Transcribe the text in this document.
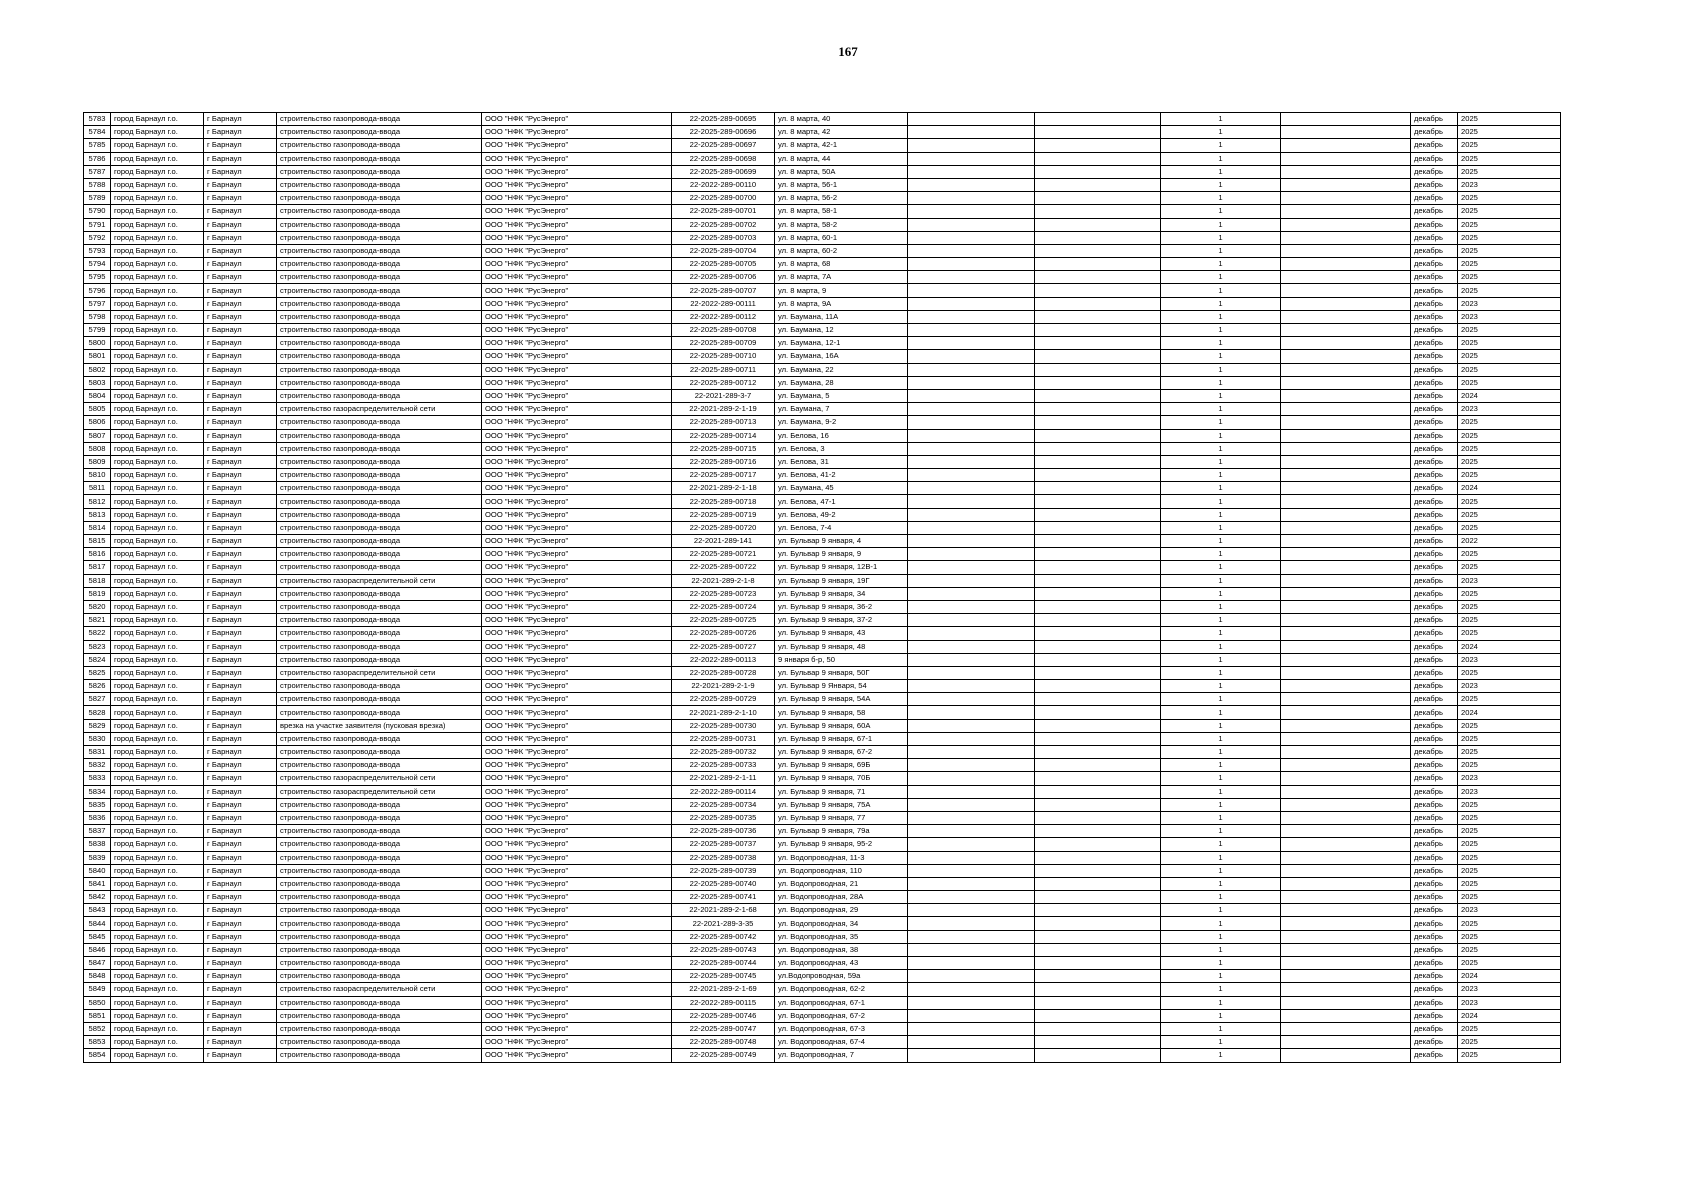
167
5783	город Барнаул г.о.	г Барнаул	строительство газопровода-ввода	ООО "НФК "РусЭнерго"	22-2025-289-00695	ул. 8 марта, 40			1		декабрь	2025
5784	город Барнаул г.о.	г Барнаул	строительство газопровода-ввода	ООО "НФК "РусЭнерго"	22-2025-289-00696	ул. 8 марта, 42			1		декабрь	2025
5785	город Барнаул г.о.	г Барнаул	строительство газопровода-ввода	ООО "НФК "РусЭнерго"	22-2025-289-00697	ул. 8 марта, 42-1			1		декабрь	2025
5786	город Барнаул г.о.	г Барнаул	строительство газопровода-ввода	ООО "НФК "РусЭнерго"	22-2025-289-00698	ул. 8 марта, 44			1		декабрь	2025
5787	город Барнаул г.о.	г Барнаул	строительство газопровода-ввода	ООО "НФК "РусЭнерго"	22-2025-289-00699	ул. 8 марта, 50А			1		декабрь	2025
5788	город Барнаул г.о.	г Барнаул	строительство газопровода-ввода	ООО "НФК "РусЭнерго"	22-2022-289-00110	ул. 8 марта, 56-1			1		декабрь	2023
5789	город Барнаул г.о.	г Барнаул	строительство газопровода-ввода	ООО "НФК "РусЭнерго"	22-2025-289-00700	ул. 8 марта, 56-2			1		декабрь	2025
5790	город Барнаул г.о.	г Барнаул	строительство газопровода-ввода	ООО "НФК "РусЭнерго"	22-2025-289-00701	ул. 8 марта, 58-1			1		декабрь	2025
5791	город Барнаул г.о.	г Барнаул	строительство газопровода-ввода	ООО "НФК "РусЭнерго"	22-2025-289-00702	ул. 8 марта, 58-2			1		декабрь	2025
5792	город Барнаул г.о.	г Барнаул	строительство газопровода-ввода	ООО "НФК "РусЭнерго"	22-2025-289-00703	ул. 8 марта, 60-1			1		декабрь	2025
5793	город Барнаул г.о.	г Барнаул	строительство газопровода-ввода	ООО "НФК "РусЭнерго"	22-2025-289-00704	ул. 8 марта, 60-2			1		декабрь	2025
5794	город Барнаул г.о.	г Барнаул	строительство газопровода-ввода	ООО "НФК "РусЭнерго"	22-2025-289-00705	ул. 8 марта, 68			1		декабрь	2025
5795	город Барнаул г.о.	г Барнаул	строительство газопровода-ввода	ООО "НФК "РусЭнерго"	22-2025-289-00706	ул. 8 марта, 7А			1		декабрь	2025
5796	город Барнаул г.о.	г Барнаул	строительство газопровода-ввода	ООО "НФК "РусЭнерго"	22-2025-289-00707	ул. 8 марта, 9			1		декабрь	2025
5797	город Барнаул г.о.	г Барнаул	строительство газопровода-ввода	ООО "НФК "РусЭнерго"	22-2022-289-00111	ул. 8 марта, 9А			1		декабрь	2023
5798	город Барнаул г.о.	г Барнаул	строительство газопровода-ввода	ООО "НФК "РусЭнерго"	22-2022-289-00112	ул. Баумана, 11А			1		декабрь	2023
5799	город Барнаул г.о.	г Барнаул	строительство газопровода-ввода	ООО "НФК "РусЭнерго"	22-2025-289-00708	ул. Баумана, 12			1		декабрь	2025
5800	город Барнаул г.о.	г Барнаул	строительство газопровода-ввода	ООО "НФК "РусЭнерго"	22-2025-289-00709	ул. Баумана, 12-1			1		декабрь	2025
5801	город Барнаул г.о.	г Барнаул	строительство газопровода-ввода	ООО "НФК "РусЭнерго"	22-2025-289-00710	ул. Баумана, 16А			1		декабрь	2025
5802	город Барнаул г.о.	г Барнаул	строительство газопровода-ввода	ООО "НФК "РусЭнерго"	22-2025-289-00711	ул. Баумана, 22			1		декабрь	2025
5803	город Барнаул г.о.	г Барнаул	строительство газопровода-ввода	ООО "НФК "РусЭнерго"	22-2025-289-00712	ул. Баумана, 28			1		декабрь	2025
5804	город Барнаул г.о.	г Барнаул	строительство газопровода-ввода	ООО "НФК "РусЭнерго"	22-2021-289-3-7	ул. Баумана, 5			1		декабрь	2024
5805	город Барнаул г.о.	г Барнаул	строительство газораспределительной сети	ООО "НФК "РусЭнерго"	22-2021-289-2-1-19	ул. Баумана, 7			1		декабрь	2023
5806	город Барнаул г.о.	г Барнаул	строительство газопровода-ввода	ООО "НФК "РусЭнерго"	22-2025-289-00713	ул. Баумана, 9-2			1		декабрь	2025
5807	город Барнаул г.о.	г Барнаул	строительство газопровода-ввода	ООО "НФК "РусЭнерго"	22-2025-289-00714	ул. Белова, 16			1		декабрь	2025
5808	город Барнаул г.о.	г Барнаул	строительство газопровода-ввода	ООО "НФК "РусЭнерго"	22-2025-289-00715	ул. Белова, 3			1		декабрь	2025
5809	город Барнаул г.о.	г Барнаул	строительство газопровода-ввода	ООО "НФК "РусЭнерго"	22-2025-289-00716	ул. Белова, 31			1		декабрь	2025
5810	город Барнаул г.о.	г Барнаул	строительство газопровода-ввода	ООО "НФК "РусЭнерго"	22-2025-289-00717	ул. Белова, 41-2			1		декабрь	2025
5811	город Барнаул г.о.	г Барнаул	строительство газопровода-ввода	ООО "НФК "РусЭнерго"	22-2021-289-2-1-18	ул. Баумана, 45			1		декабрь	2024
5812	город Барнаул г.о.	г Барнаул	строительство газопровода-ввода	ООО "НФК "РусЭнерго"	22-2025-289-00718	ул. Белова, 47-1			1		декабрь	2025
5813	город Барнаул г.о.	г Барнаул	строительство газопровода-ввода	ООО "НФК "РусЭнерго"	22-2025-289-00719	ул. Белова, 49-2			1		декабрь	2025
5814	город Барнаул г.о.	г Барнаул	строительство газопровода-ввода	ООО "НФК "РусЭнерго"	22-2025-289-00720	ул. Белова, 7-4			1		декабрь	2025
5815	город Барнаул г.о.	г Барнаул	строительство газопровода-ввода	ООО "НФК "РусЭнерго"	22-2021-289-141	ул. Бульвар 9 января, 4			1		декабрь	2022
5816	город Барнаул г.о.	г Барнаул	строительство газопровода-ввода	ООО "НФК "РусЭнерго"	22-2025-289-00721	ул. Бульвар 9 января, 9			1		декабрь	2025
5817	город Барнаул г.о.	г Барнаул	строительство газопровода-ввода	ООО "НФК "РусЭнерго"	22-2025-289-00722	ул. Бульвар 9 января, 12В-1			1		декабрь	2025
5818	город Барнаул г.о.	г Барнаул	строительство газораспределительной сети	ООО "НФК "РусЭнерго"	22-2021-289-2-1-8	ул. Бульвар 9 января, 19Г			1		декабрь	2023
5819	город Барнаул г.о.	г Барнаул	строительство газопровода-ввода	ООО "НФК "РусЭнерго"	22-2025-289-00723	ул. Бульвар 9 января, 34			1		декабрь	2025
5820	город Барнаул г.о.	г Барнаул	строительство газопровода-ввода	ООО "НФК "РусЭнерго"	22-2025-289-00724	ул. Бульвар 9 января, 36-2			1		декабрь	2025
5821	город Барнаул г.о.	г Барнаул	строительство газопровода-ввода	ООО "НФК "РусЭнерго"	22-2025-289-00725	ул. Бульвар 9 января, 37-2			1		декабрь	2025
5822	город Барнаул г.о.	г Барнаул	строительство газопровода-ввода	ООО "НФК "РусЭнерго"	22-2025-289-00726	ул. Бульвар 9 января, 43			1		декабрь	2025
5823	город Барнаул г.о.	г Барнаул	строительство газопровода-ввода	ООО "НФК "РусЭнерго"	22-2025-289-00727	ул. Бульвар 9 января, 48			1		декабрь	2024
5824	город Барнаул г.о.	г Барнаул	строительство газопровода-ввода	ООО "НФК "РусЭнерго"	22-2022-289-00113	9 января б-р, 50			1		декабрь	2023
5825	город Барнаул г.о.	г Барнаул	строительство газораспределительной сети	ООО "НФК "РусЭнерго"	22-2025-289-00728	ул. Бульвар 9 января, 50Г			1		декабрь	2025
5826	город Барнаул г.о.	г Барнаул	строительство газопровода-ввода	ООО "НФК "РусЭнерго"	22-2021-289-2-1-9	ул. Бульвар 9 Января, 54			1		декабрь	2023
5827	город Барнаул г.о.	г Барнаул	строительство газопровода-ввода	ООО "НФК "РусЭнерго"	22-2025-289-00729	ул. Бульвар 9 января, 54А			1		декабрь	2025
5828	город Барнаул г.о.	г Барнаул	строительство газопровода-ввода	ООО "НФК "РусЭнерго"	22-2021-289-2-1-10	ул. Бульвар 9 января, 58			1		декабрь	2024
5829	город Барнаул г.о.	г Барнаул	врезка на участке заявителя (пусковая врезка)	ООО "НФК "РусЭнерго"	22-2025-289-00730	ул. Бульвар 9 января, 60А			1		декабрь	2025
5830	город Барнаул г.о.	г Барнаул	строительство газопровода-ввода	ООО "НФК "РусЭнерго"	22-2025-289-00731	ул. Бульвар 9 января, 67-1			1		декабрь	2025
5831	город Барнаул г.о.	г Барнаул	строительство газопровода-ввода	ООО "НФК "РусЭнерго"	22-2025-289-00732	ул. Бульвар 9 января, 67-2			1		декабрь	2025
5832	город Барнаул г.о.	г Барнаул	строительство газопровода-ввода	ООО "НФК "РусЭнерго"	22-2025-289-00733	ул. Бульвар 9 января, 69Б			1		декабрь	2025
5833	город Барнаул г.о.	г Барнаул	строительство газораспределительной сети	ООО "НФК "РусЭнерго"	22-2021-289-2-1-11	ул. Бульвар 9 января, 70Б			1		декабрь	2023
5834	город Барнаул г.о.	г Барнаул	строительство газораспределительной сети	ООО "НФК "РусЭнерго"	22-2022-289-00114	ул. Бульвар 9 января, 71			1		декабрь	2023
5835	город Барнаул г.о.	г Барнаул	строительство газопровода-ввода	ООО "НФК "РусЭнерго"	22-2025-289-00734	ул. Бульвар 9 января, 75А			1		декабрь	2025
5836	город Барнаул г.о.	г Барнаул	строительство газопровода-ввода	ООО "НФК "РусЭнерго"	22-2025-289-00735	ул. Бульвар 9 января, 77			1		декабрь	2025
5837	город Барнаул г.о.	г Барнаул	строительство газопровода-ввода	ООО "НФК "РусЭнерго"	22-2025-289-00736	ул. Бульвар 9 января, 79а			1		декабрь	2025
5838	город Барнаул г.о.	г Барнаул	строительство газопровода-ввода	ООО "НФК "РусЭнерго"	22-2025-289-00737	ул. Бульвар 9 января, 95-2			1		декабрь	2025
5839	город Барнаул г.о.	г Барнаул	строительство газопровода-ввода	ООО "НФК "РусЭнерго"	22-2025-289-00738	ул. Водопроводная, 11-3			1		декабрь	2025
5840	город Барнаул г.о.	г Барнаул	строительство газопровода-ввода	ООО "НФК "РусЭнерго"	22-2025-289-00739	ул. Водопроводная, 110			1		декабрь	2025
5841	город Барнаул г.о.	г Барнаул	строительство газопровода-ввода	ООО "НФК "РусЭнерго"	22-2025-289-00740	ул. Водопроводная, 21			1		декабрь	2025
5842	город Барнаул г.о.	г Барнаул	строительство газопровода-ввода	ООО "НФК "РусЭнерго"	22-2025-289-00741	ул. Водопроводная, 28А			1		декабрь	2025
5843	город Барнаул г.о.	г Барнаул	строительство газопровода-ввода	ООО "НФК "РусЭнерго"	22-2021-289-2-1-68	ул. Водопроводная, 29			1		декабрь	2023
5844	город Барнаул г.о.	г Барнаул	строительство газопровода-ввода	ООО "НФК "РусЭнерго"	22-2021-289-3-35	ул. Водопроводная, 34			1		декабрь	2025
5845	город Барнаул г.о.	г Барнаул	строительство газопровода-ввода	ООО "НФК "РусЭнерго"	22-2025-289-00742	ул. Водопроводная, 35			1		декабрь	2025
5846	город Барнаул г.о.	г Барнаул	строительство газопровода-ввода	ООО "НФК "РусЭнерго"	22-2025-289-00743	ул. Водопроводная, 38			1		декабрь	2025
5847	город Барнаул г.о.	г Барнаул	строительство газопровода-ввода	ООО "НФК "РусЭнерго"	22-2025-289-00744	ул. Водопроводная, 43			1		декабрь	2025
5848	город Барнаул г.о.	г Барнаул	строительство газопровода-ввода	ООО "НФК "РусЭнерго"	22-2025-289-00745	ул.Водопроводная, 59а			1		декабрь	2024
5849	город Барнаул г.о.	г Барнаул	строительство газораспределительной сети	ООО "НФК "РусЭнерго"	22-2021-289-2-1-69	ул. Водопроводная, 62-2			1		декабрь	2023
5850	город Барнаул г.о.	г Барнаул	строительство газопровода-ввода	ООО "НФК "РусЭнерго"	22-2022-289-00115	ул. Водопроводная, 67-1			1		декабрь	2023
5851	город Барнаул г.о.	г Барнаул	строительство газопровода-ввода	ООО "НФК "РусЭнерго"	22-2025-289-00746	ул. Водопроводная, 67-2			1		декабрь	2024
5852	город Барнаул г.о.	г Барнаул	строительство газопровода-ввода	ООО "НФК "РусЭнерго"	22-2025-289-00747	ул. Водопроводная, 67-3			1		декабрь	2025
5853	город Барнаул г.о.	г Барнаул	строительство газопровода-ввода	ООО "НФК "РусЭнерго"	22-2025-289-00748	ул. Водопроводная, 67-4			1		декабрь	2025
5854	город Барнаул г.о.	г Барнаул	строительство газопровода-ввода	ООО "НФК "РусЭнерго"	22-2025-289-00749	ул. Водопроводная, 7			1		декабрь	2025
